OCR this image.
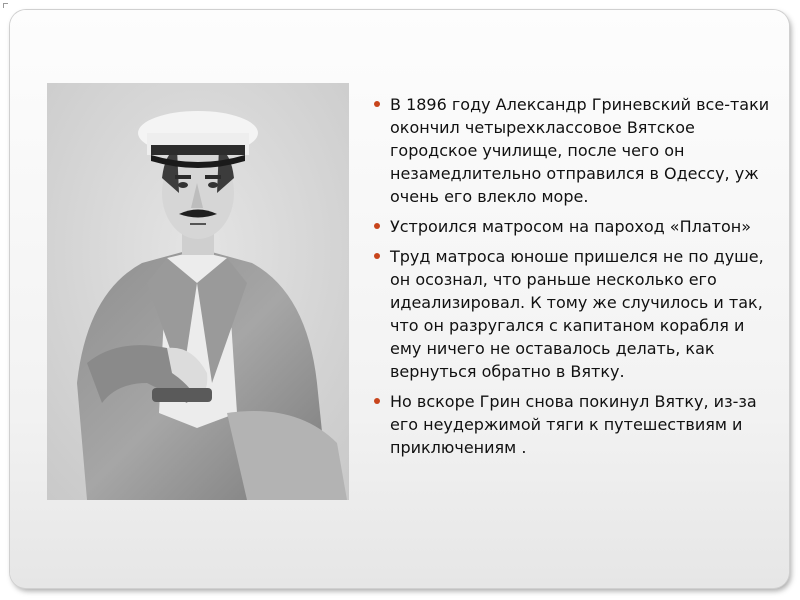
В 1896 году Александр Гриневский все-таки окончил четырехклассовое Вятское городское училище, после чего он незамедлительно отправился в Одессу, уж очень его влекло море.
Устроился матросом на пароход «Платон»
Труд матроса юноше пришелся не по душе, он осознал, что раньше несколько его идеализировал. К тому же случилось и так, что он разругался с капитаном корабля и ему ничего не оставалось делать, как вернуться обратно в Вятку.
Но вскоре Грин снова покинул Вятку, из-за его неудержимой тяги к путешествиям и приключениям .
